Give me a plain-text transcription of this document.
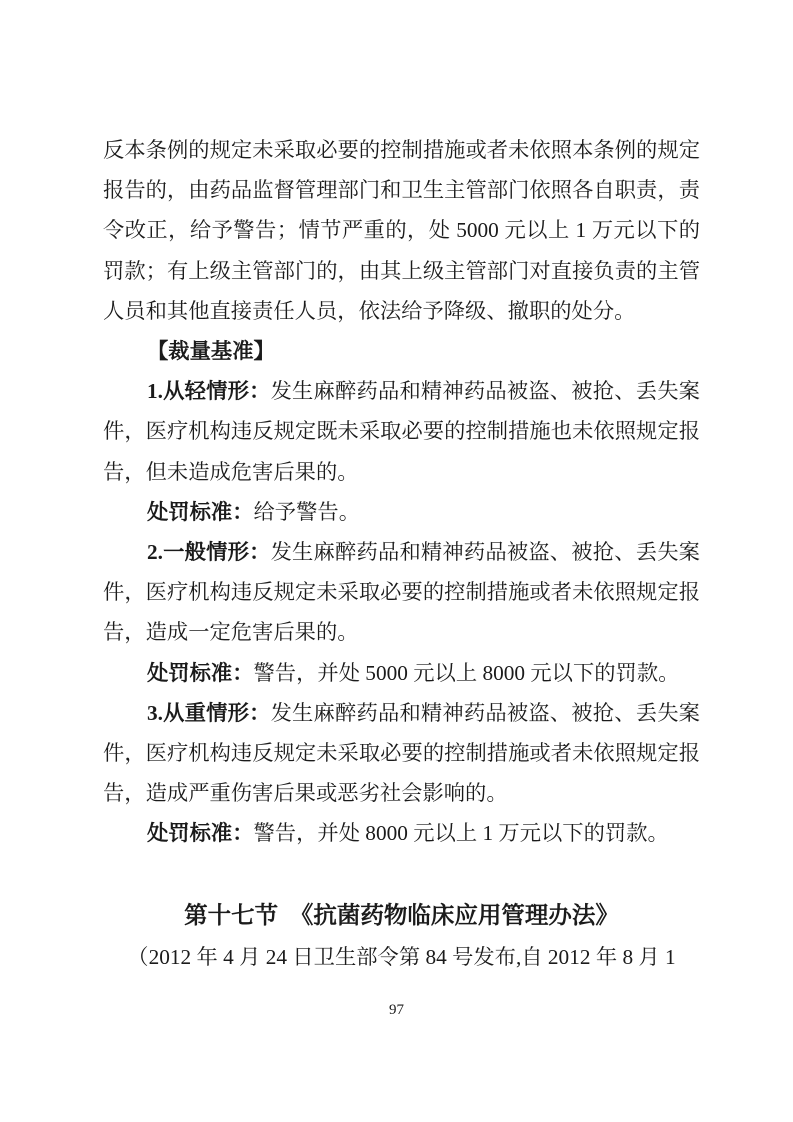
反本条例的规定未采取必要的控制措施或者未依照本条例的规定报告的，由药品监督管理部门和卫生主管部门依照各自职责，责令改正，给予警告；情节严重的，处 5000 元以上 1 万元以下的罚款；有上级主管部门的，由其上级主管部门对直接负责的主管人员和其他直接责任人员，依法给予降级、撤职的处分。

【裁量基准】

1.从轻情形：发生麻醉药品和精神药品被盗、被抢、丢失案件，医疗机构违反规定既未采取必要的控制措施也未依照规定报告，但未造成危害后果的。

处罚标准：给予警告。

2.一般情形：发生麻醉药品和精神药品被盗、被抢、丢失案件，医疗机构违反规定未采取必要的控制措施或者未依照规定报告，造成一定危害后果的。

处罚标准：警告，并处 5000 元以上 8000 元以下的罚款。

3.从重情形：发生麻醉药品和精神药品被盗、被抢、丢失案件，医疗机构违反规定未采取必要的控制措施或者未依照规定报告，造成严重伤害后果或恶劣社会影响的。

处罚标准：警告，并处 8000 元以上 1 万元以下的罚款。

第十七节　《抗菌药物临床应用管理办法》

（2012 年 4 月 24 日卫生部令第 84 号发布,自 2012 年 8 月 1

97
